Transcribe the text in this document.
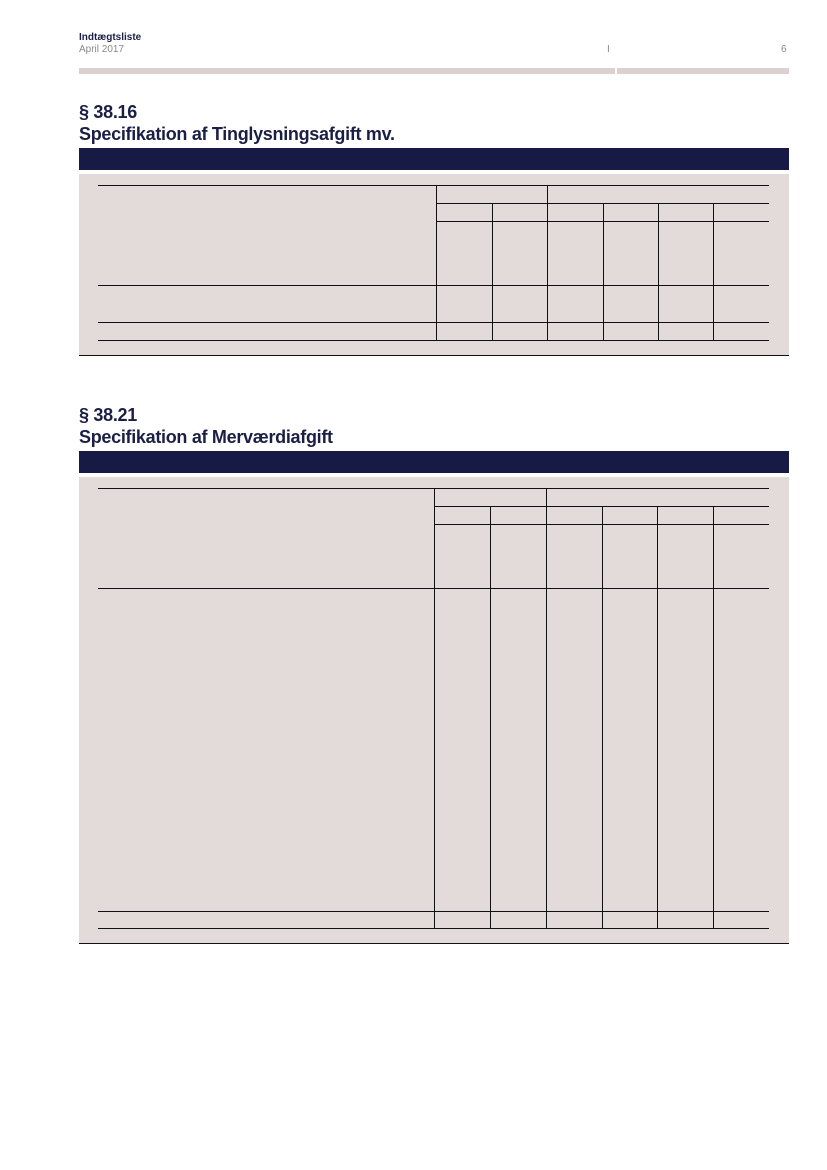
Indtægtsliste
April 2017	I	6
§ 38.16
Specifikation af Tinglysningsafgift mv.
§ 38.21
Specifikation af Merværdiafgift
